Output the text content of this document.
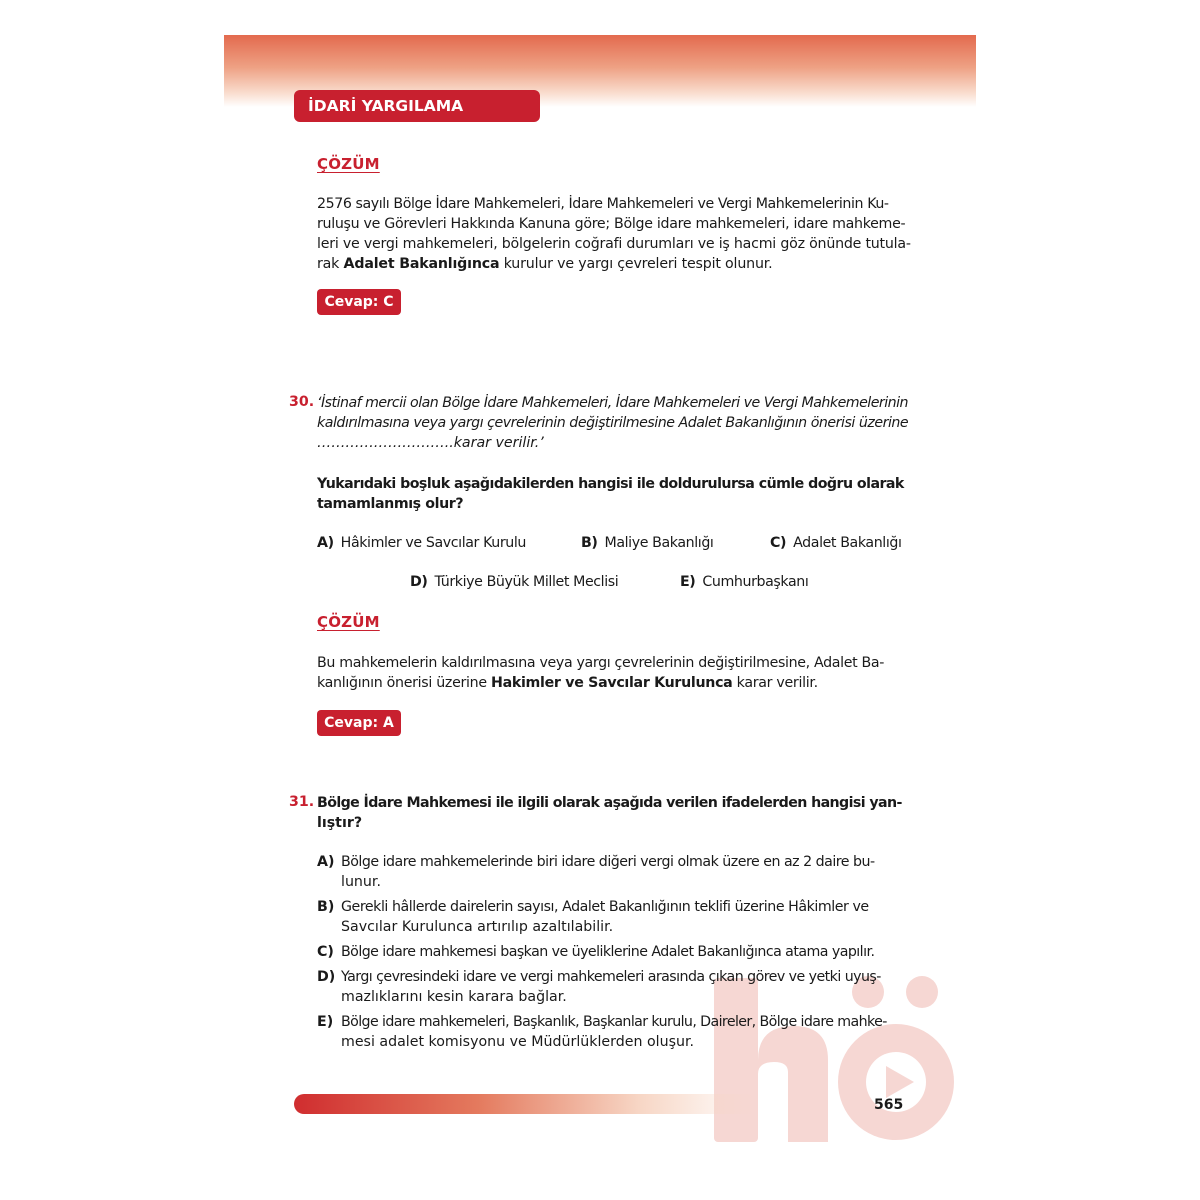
İDARİ YARGILAMA HUKUKU
ÇÖZÜM
2576 sayılı Bölge İdare Mahkemeleri, İdare Mahkemeleri ve Vergi Mahkemelerinin Ku-
ruluşu ve Görevleri Hakkında Kanuna göre; Bölge idare mahkemeleri, idare mahkeme-
leri ve vergi mahkemeleri, bölgelerin coğrafi durumları ve iş hacmi göz önünde tutula-
rak Adalet Bakanlığınca kurulur ve yargı çevreleri tespit olunur.
Cevap: C
30. ‘İstinaf mercii olan Bölge İdare Mahkemeleri, İdare Mahkemeleri ve Vergi Mahkemelerinin
kaldırılmasına veya yargı çevrelerinin değiştirilmesine Adalet Bakanlığının önerisi üzerine
………………………..karar verilir.’
Yukarıdaki boşluk aşağıdakilerden hangisi ile doldurulursa cümle doğru olarak
tamamlanmış olur?
A) Hâkimler ve Savcılar Kurulu	B) Maliye Bakanlığı	C) Adalet Bakanlığı
D) Türkiye Büyük Millet Meclisi	E) Cumhurbaşkanı
ÇÖZÜM
Bu mahkemelerin kaldırılmasına veya yargı çevrelerinin değiştirilmesine, Adalet Ba-
kanlığının önerisi üzerine Hakimler ve Savcılar Kurulunca karar verilir.
Cevap: A
31. Bölge İdare Mahkemesi ile ilgili olarak aşağıda verilen ifadelerden hangisi yan-
lıştır?
A) Bölge idare mahkemelerinde biri idare diğeri vergi olmak üzere en az 2 daire bu-
lunur.
B) Gerekli hâllerde dairelerin sayısı, Adalet Bakanlığının teklifi üzerine Hâkimler ve
Savcılar Kurulunca artırılıp azaltılabilir.
C) Bölge idare mahkemesi başkan ve üyeliklerine Adalet Bakanlığınca atama yapılır.
D) Yargı çevresindeki idare ve vergi mahkemeleri arasında çıkan görev ve yetki uyuş-
mazlıklarını kesin karara bağlar.
E) Bölge idare mahkemeleri, Başkanlık, Başkanlar kurulu, Daireler, Bölge idare mahke-
mesi adalet komisyonu ve Müdürlüklerden oluşur.
565
